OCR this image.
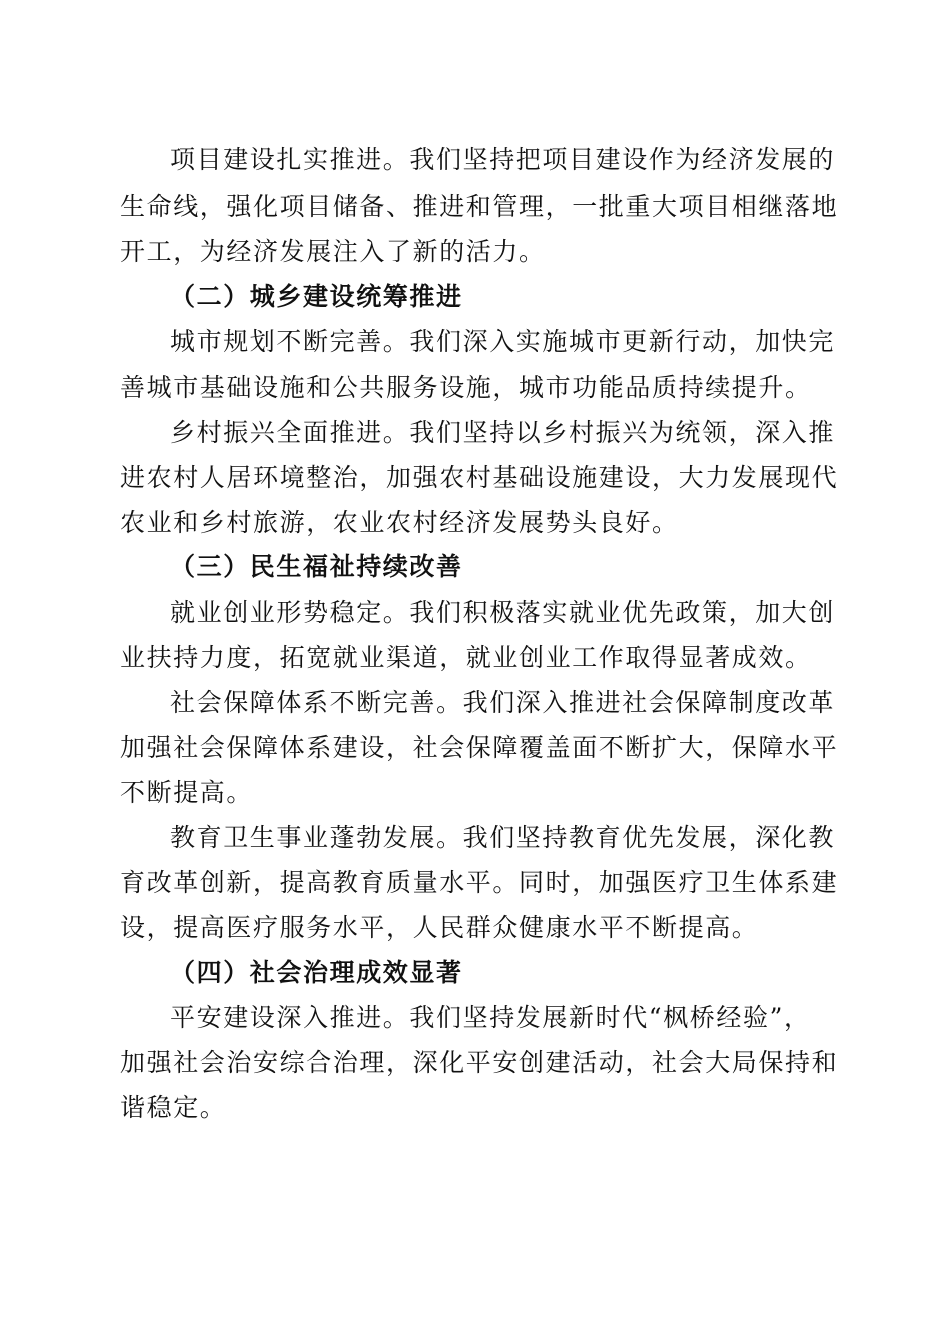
项目建设扎实推进。我们坚持把项目建设作为经济发展的
生命线，强化项目储备、推进和管理，一批重大项目相继落地
开工，为经济发展注入了新的活力。
（二）城乡建设统筹推进
城市规划不断完善。我们深入实施城市更新行动，加快完
善城市基础设施和公共服务设施，城市功能品质持续提升。
乡村振兴全面推进。我们坚持以乡村振兴为统领，深入推
进农村人居环境整治，加强农村基础设施建设，大力发展现代
农业和乡村旅游，农业农村经济发展势头良好。
（三）民生福祉持续改善
就业创业形势稳定。我们积极落实就业优先政策，加大创
业扶持力度，拓宽就业渠道，就业创业工作取得显著成效。
社会保障体系不断完善。我们深入推进社会保障制度改革
加强社会保障体系建设，社会保障覆盖面不断扩大，保障水平
不断提高。
教育卫生事业蓬勃发展。我们坚持教育优先发展，深化教
育改革创新，提高教育质量水平。同时，加强医疗卫生体系建
设，提高医疗服务水平，人民群众健康水平不断提高。
（四）社会治理成效显著
平安建设深入推进。我们坚持发展新时代“枫桥经验”，
加强社会治安综合治理，深化平安创建活动，社会大局保持和
谐稳定。
